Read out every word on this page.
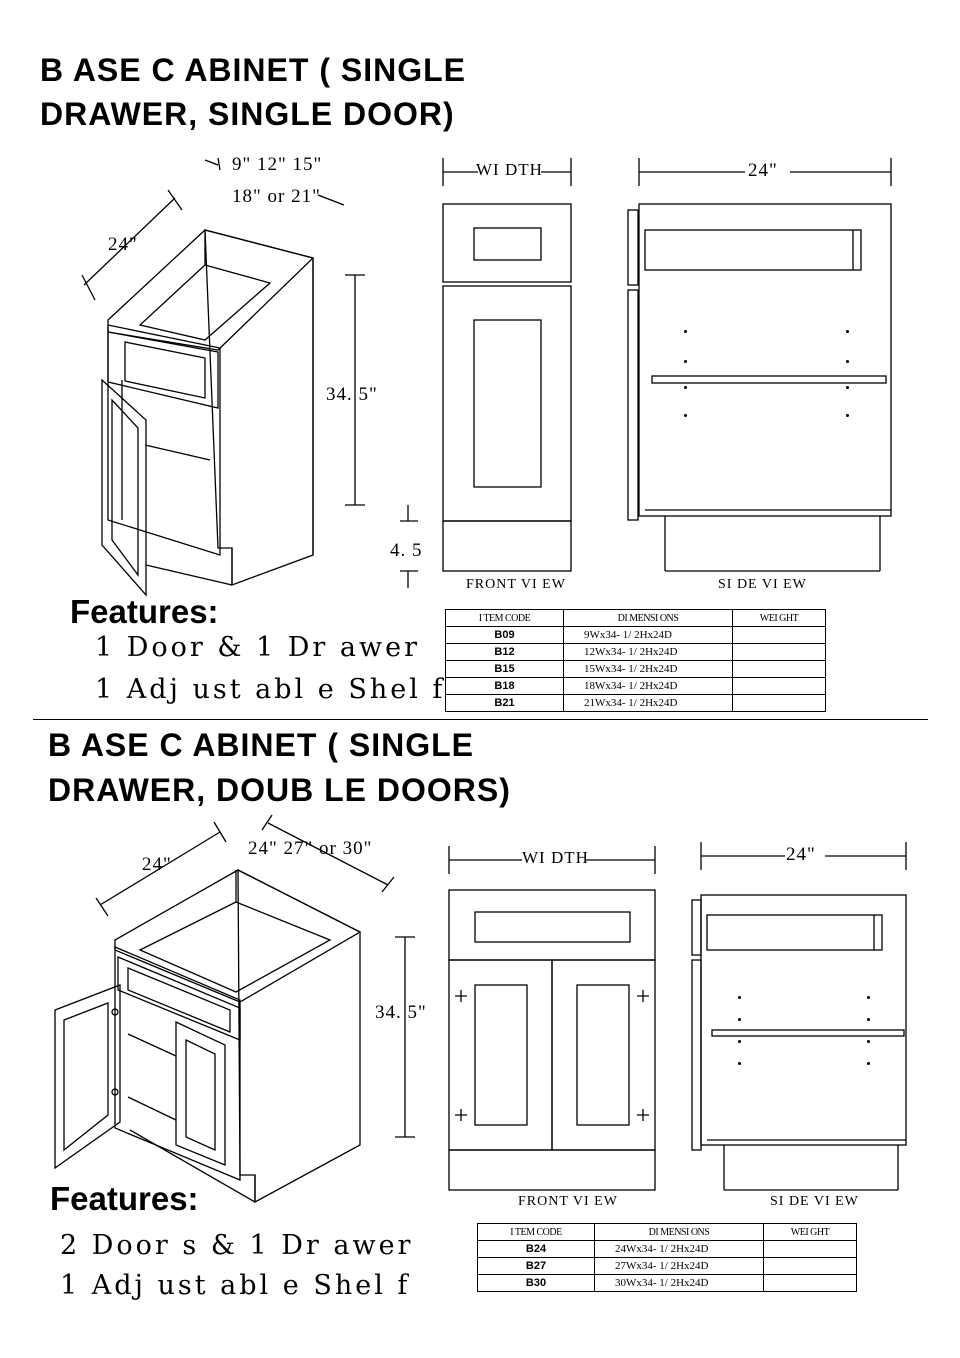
B ASE C ABINET ( SINGLE
DRAWER, SINGLE DOOR)
9" 12" 15"
18" or 21"
24"
34. 5"
4. 5
WI DTH
FRONT VI EW
24"
SI DE VI EW
Features:
1 Door & 1 Dr awer
1 Adj ust abl e Shel f
I TEM CODE	DI MENSI ONS	WEI GHT
B09	9Wx34- 1/ 2Hx24D	
B12	12Wx34- 1/ 2Hx24D	
B15	15Wx34- 1/ 2Hx24D	
B18	18Wx34- 1/ 2Hx24D	
B21	21Wx34- 1/ 2Hx24D	
B ASE C ABINET ( SINGLE
DRAWER, DOUB LE DOORS)
24" 27" or 30"
24"
34. 5"
WI DTH
FRONT VI EW
24"
SI DE VI EW
Features:
2 Door s & 1 Dr awer
1 Adj ust abl e Shel f
I TEM CODE	DI MENSI ONS	WEI GHT
B24	24Wx34- 1/ 2Hx24D	
B27	27Wx34- 1/ 2Hx24D	
B30	30Wx34- 1/ 2Hx24D	
